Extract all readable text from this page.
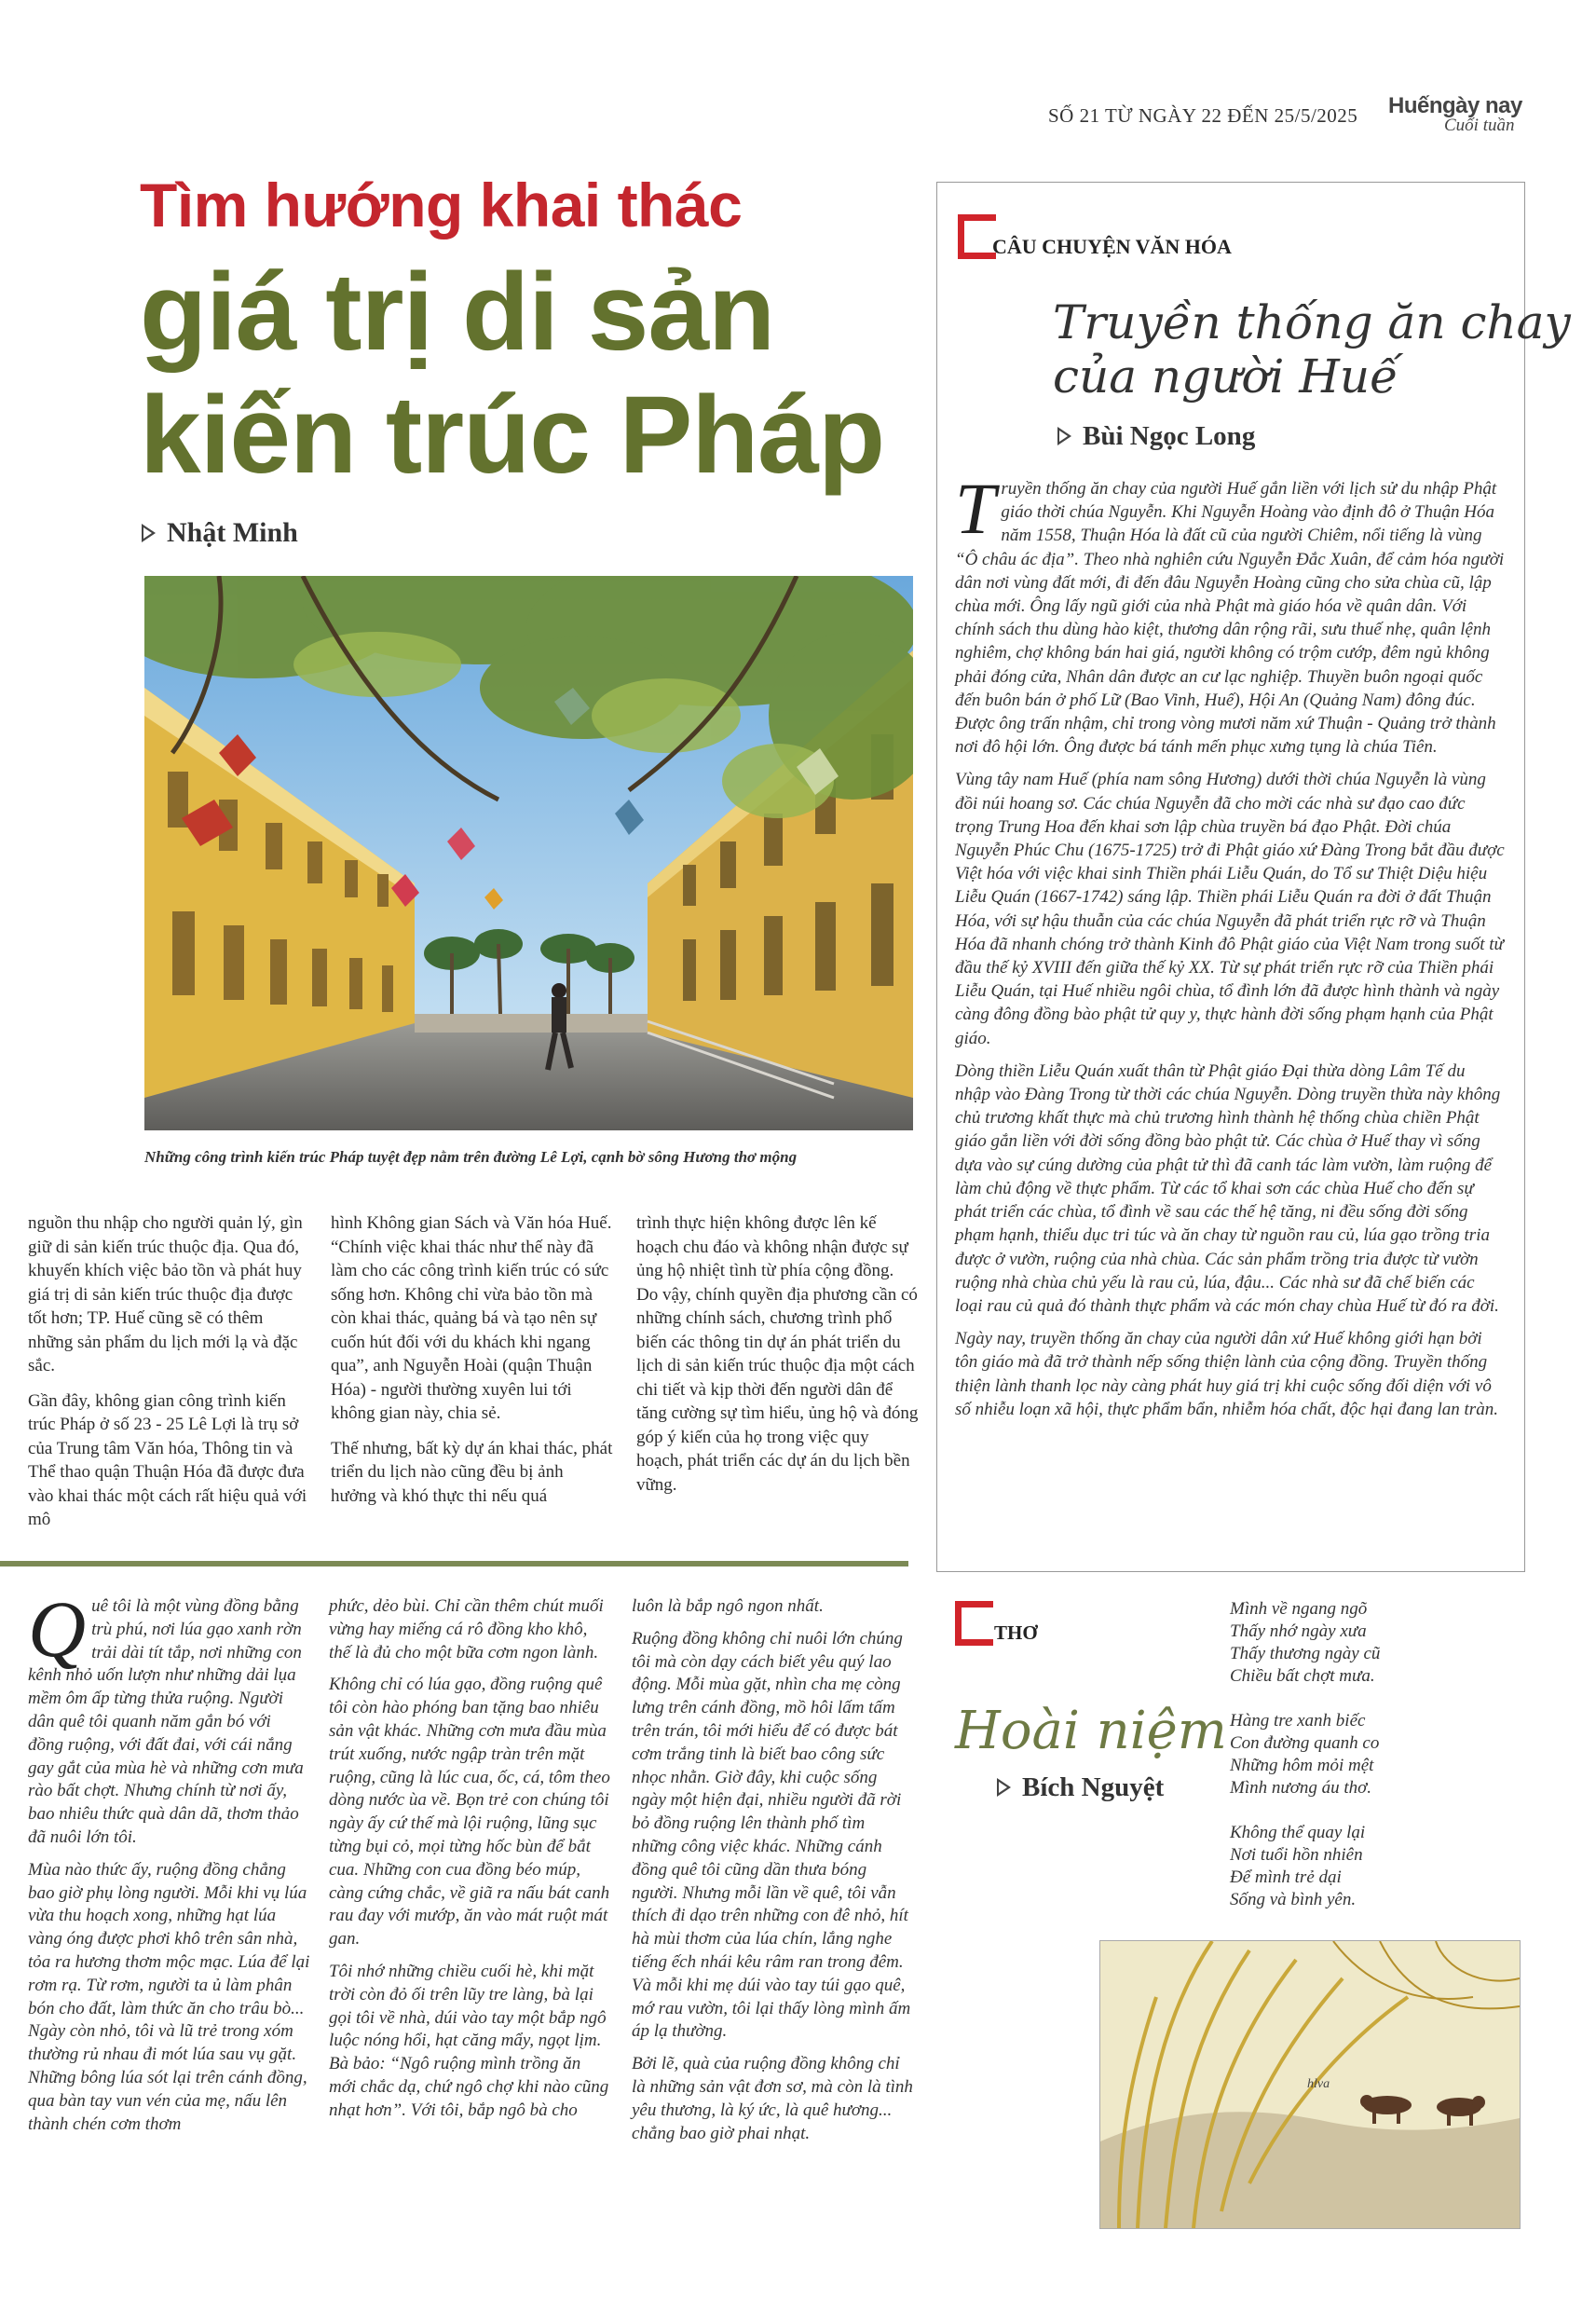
SỐ 21 TỪ NGÀY 22 ĐẾN 25/5/2025 Huếngày nay
Cuối tuần
Tìm hướng khai thác
giá trị di sản
kiến trúc Pháp
Nhật Minh
Những công trình kiến trúc Pháp tuyệt đẹp nằm trên đường Lê Lợi, cạnh bờ sông Hương thơ mộng

nguồn thu nhập cho người quản lý, gìn giữ di sản kiến trúc thuộc địa. Qua đó, khuyến khích việc bảo tồn và phát huy giá trị di sản kiến trúc thuộc địa được tốt hơn; TP. Huế cũng sẽ có thêm những sản phẩm du lịch mới lạ và đặc sắc.

Gần đây, không gian công trình kiến trúc Pháp ở số 23 - 25 Lê Lợi là trụ sở của Trung tâm Văn hóa, Thông tin và Thể thao quận Thuận Hóa đã được đưa vào khai thác một cách rất hiệu quả với mô

hình Không gian Sách và Văn hóa Huế. “Chính việc khai thác như thế này đã làm cho các công trình kiến trúc có sức sống hơn. Không chỉ vừa bảo tồn mà còn khai thác, quảng bá và tạo nên sự cuốn hút đối với du khách khi ngang qua”, anh Nguyễn Hoài (quận Thuận Hóa) - người thường xuyên lui tới không gian này, chia sẻ.

Thế nhưng, bất kỳ dự án khai thác, phát triển du lịch nào cũng đều bị ảnh hưởng và khó thực thi nếu quá

trình thực hiện không được lên kế hoạch chu đáo và không nhận được sự ủng hộ nhiệt tình từ phía cộng đồng. Do vậy, chính quyền địa phương cần có những chính sách, chương trình phổ biến các thông tin dự án phát triển du lịch di sản kiến trúc thuộc địa một cách chi tiết và kịp thời đến người dân để tăng cường sự tìm hiểu, ủng hộ và đóng góp ý kiến của họ trong việc quy hoạch, phát triển các dự án du lịch bền vững.

CÂU CHUYỆN VĂN HÓA
Truyền thống ăn chay
của người Huế
Bùi Ngọc Long

Truyền thống ăn chay của người Huế gắn liền với lịch sử du nhập Phật giáo thời chúa Nguyễn. Khi Nguyễn Hoàng vào định đô ở Thuận Hóa năm 1558, Thuận Hóa là đất cũ của người Chiêm, nổi tiếng là vùng “Ô châu ác địa”. Theo nhà nghiên cứu Nguyễn Đắc Xuân, để cảm hóa người dân nơi vùng đất mới, đi đến đâu Nguyễn Hoàng cũng cho sửa chùa cũ, lập chùa mới. Ông lấy ngũ giới của nhà Phật mà giáo hóa về quân dân. Với chính sách thu dùng hào kiệt, thương dân rộng rãi, sưu thuế nhẹ, quân lệnh nghiêm, chợ không bán hai giá, người không có trộm cướp, đêm ngủ không phải đóng cửa, Nhân dân được an cư lạc nghiệp. Thuyền buôn ngoại quốc đến buôn bán ở phố Lữ (Bao Vinh, Huế), Hội An (Quảng Nam) đông đúc. Được ông trấn nhậm, chỉ trong vòng mươi năm xứ Thuận - Quảng trở thành nơi đô hội lớn. Ông được bá tánh mến phục xưng tụng là chúa Tiên.

Vùng tây nam Huế (phía nam sông Hương) dưới thời chúa Nguyễn là vùng đồi núi hoang sơ. Các chúa Nguyễn đã cho mời các nhà sư đạo cao đức trọng Trung Hoa đến khai sơn lập chùa truyền bá đạo Phật. Đời chúa Nguyễn Phúc Chu (1675-1725) trở đi Phật giáo xứ Đàng Trong bắt đầu được Việt hóa với việc khai sinh Thiền phái Liễu Quán, do Tổ sư Thiệt Diệu hiệu Liễu Quán (1667-1742) sáng lập. Thiền phái Liễu Quán ra đời ở đất Thuận Hóa, với sự hậu thuẫn của các chúa Nguyễn đã phát triển rực rỡ và Thuận Hóa đã nhanh chóng trở thành Kinh đô Phật giáo của Việt Nam trong suốt từ đầu thế kỷ XVIII đến giữa thế kỷ XX. Từ sự phát triển rực rỡ của Thiền phái Liễu Quán, tại Huế nhiều ngôi chùa, tổ đình lớn đã được hình thành và ngày càng đông đồng bào phật tử quy y, thực hành đời sống phạm hạnh của Phật giáo.

Dòng thiền Liễu Quán xuất thân từ Phật giáo Đại thừa dòng Lâm Tế du nhập vào Đàng Trong từ thời các chúa Nguyễn. Dòng truyền thừa này không chủ trương khất thực mà chủ trương hình thành hệ thống chùa chiền Phật giáo gắn liền với đời sống đồng bào phật tử. Các chùa ở Huế thay vì sống dựa vào sự cúng dường của phật tử thì đã canh tác làm vườn, làm ruộng để làm chủ động về thực phẩm. Từ các tổ khai sơn các chùa Huế cho đến sự phát triển các chùa, tổ đình về sau các thế hệ tăng, ni đều sống đời sống phạm hạnh, thiểu dục tri túc và ăn chay từ nguồn rau củ, lúa gạo trồng tria được ở vườn, ruộng của nhà chùa. Các sản phẩm trồng tria được từ vườn ruộng nhà chùa chủ yếu là rau củ, lúa, đậu... Các nhà sư đã chế biến các loại rau củ quả đó thành thực phẩm và các món chay chùa Huế từ đó ra đời.

Ngày nay, truyền thống ăn chay của người dân xứ Huế không giới hạn bởi tôn giáo mà đã trở thành nếp sống thiện lành của cộng đồng. Truyền thống thiện lành thanh lọc này càng phát huy giá trị khi cuộc sống đối diện với vô số nhiễu loạn xã hội, thực phẩm bẩn, nhiễm hóa chất, độc hại đang lan tràn.

Quê tôi là một vùng đồng bằng trù phú, nơi lúa gạo xanh rờn trải dài tít tắp, nơi những con kênh nhỏ uốn lượn như những dải lụa mềm ôm ấp từng thửa ruộng. Người dân quê tôi quanh năm gắn bó với đồng ruộng, với đất đai, với cái nắng gay gắt của mùa hè và những cơn mưa rào bất chợt. Nhưng chính từ nơi ấy, bao nhiêu thức quà dân dã, thơm thảo đã nuôi lớn tôi.

Mùa nào thức ấy, ruộng đồng chẳng bao giờ phụ lòng người. Mỗi khi vụ lúa vừa thu hoạch xong, những hạt lúa vàng óng được phơi khô trên sân nhà, tỏa ra hương thơm mộc mạc. Lúa để lại rơm rạ. Từ rơm, người ta ủ làm phân bón cho đất, làm thức ăn cho trâu bò... Ngày còn nhỏ, tôi và lũ trẻ trong xóm thường rủ nhau đi mót lúa sau vụ gặt. Những bông lúa sót lại trên cánh đồng, qua bàn tay vun vén của mẹ, nấu lên thành chén cơm thơm

phức, dẻo bùi. Chỉ cần thêm chút muối vừng hay miếng cá rô đồng kho khô, thế là đủ cho một bữa cơm ngon lành.

Không chỉ có lúa gạo, đồng ruộng quê tôi còn hào phóng ban tặng bao nhiêu sản vật khác. Những cơn mưa đầu mùa trút xuống, nước ngập tràn trên mặt ruộng, cũng là lúc cua, ốc, cá, tôm theo dòng nước ùa về. Bọn trẻ con chúng tôi ngày ấy cứ thế mà lội ruộng, lũng sục từng bụi cỏ, mọi từng hốc bùn để bắt cua. Những con cua đồng béo múp, càng cứng chắc, về giã ra nấu bát canh rau đay với mướp, ăn vào mát ruột mát gan.

Tôi nhớ những chiều cuối hè, khi mặt trời còn đỏ ối trên lũy tre làng, bà lại gọi tôi về nhà, dúi vào tay một bắp ngô luộc nóng hổi, hạt căng mẩy, ngọt lịm. Bà bảo: “Ngô ruộng mình trồng ăn mới chắc dạ, chứ ngô chợ khi nào cũng nhạt hơn”. Với tôi, bắp ngô bà cho

luôn là bắp ngô ngon nhất.

Ruộng đồng không chỉ nuôi lớn chúng tôi mà còn dạy cách biết yêu quý lao động. Mỗi mùa gặt, nhìn cha mẹ còng lưng trên cánh đồng, mồ hôi lấm tấm trên trán, tôi mới hiểu để có được bát cơm trắng tinh là biết bao công sức nhọc nhằn. Giờ đây, khi cuộc sống ngày một hiện đại, nhiều người đã rời bỏ đồng ruộng lên thành phố tìm những công việc khác. Những cánh đồng quê tôi cũng dần thưa bóng người. Nhưng mỗi lần về quê, tôi vẫn thích đi dạo trên những con đê nhỏ, hít hà mùi thơm của lúa chín, lắng nghe tiếng ếch nhái kêu râm ran trong đêm. Và mỗi khi mẹ dúi vào tay túi gạo quê, mớ rau vườn, tôi lại thấy lòng mình ấm áp lạ thường.

Bởi lẽ, quà của ruộng đồng không chỉ là những sản vật đơn sơ, mà còn là tình yêu thương, là ký ức, là quê hương... chẳng bao giờ phai nhạt.

THƠ
Hoài niệm
Bích Nguyệt

Mình về ngang ngõ
Thấy nhớ ngày xưa
Thấy thương ngày cũ
Chiều bất chợt mưa.

Hàng tre xanh biếc
Con đường quanh co
Những hôm mỏi mệt
Mình nương áu thơ.

Không thể quay lại
Nơi tuổi hồn nhiên
Để mình trẻ dại
Sống và bình yên.

hlva
